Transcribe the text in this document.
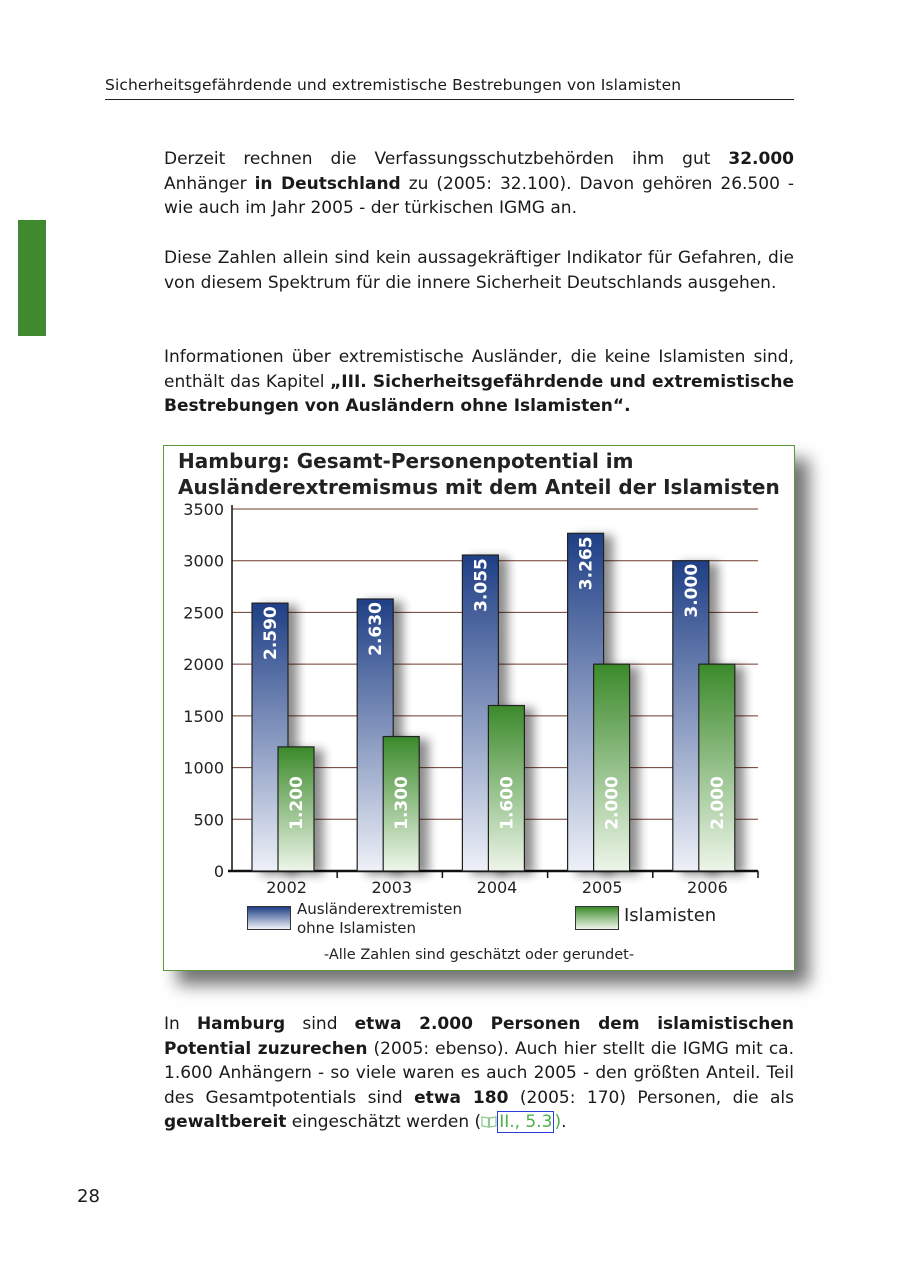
Sicherheitsgefährdende und extremistische Bestrebungen von Islamisten
Derzeit rechnen die Verfassungsschutzbehörden ihm gut 32.000 Anhänger in Deutschland zu (2005: 32.100). Davon gehören 26.500 - wie auch im Jahr 2005 - der türkischen IGMG an.
Diese Zahlen allein sind kein aussagekräftiger Indikator für Gefahren, die von diesem Spektrum für die innere Sicherheit Deutschlands ausgehen.
Informationen über extremistische Ausländer, die keine Islamisten sind, enthält das Kapitel „III. Sicherheitsgefährdende und extremistische Bestrebungen von Ausländern ohne Islamisten“.
Hamburg: Gesamt-Personenpotential im
Ausländerextremismus mit dem Anteil der Islamisten
0
500
1000
1500
2000
2500
3000
3500
2.590
1.200
2002
2.630
1.300
2003
3.055
1.600
2004
3.265
2.000
2005
3.000
2.000
2006
Ausländerextremisten
ohne Islamisten
Islamisten
-Alle Zahlen sind geschätzt oder gerundet-
In Hamburg sind etwa 2.000 Personen dem islamistischen Potential zuzurechen (2005: ebenso). Auch hier stellt die IGMG mit ca. 1.600 Anhängern - so viele waren es auch 2005 - den größten Anteil. Teil des Gesamtpotentials sind etwa 180 (2005: 170) Personen, die als gewaltbereit eingeschätzt werden ( II., 5.3 ).
28
